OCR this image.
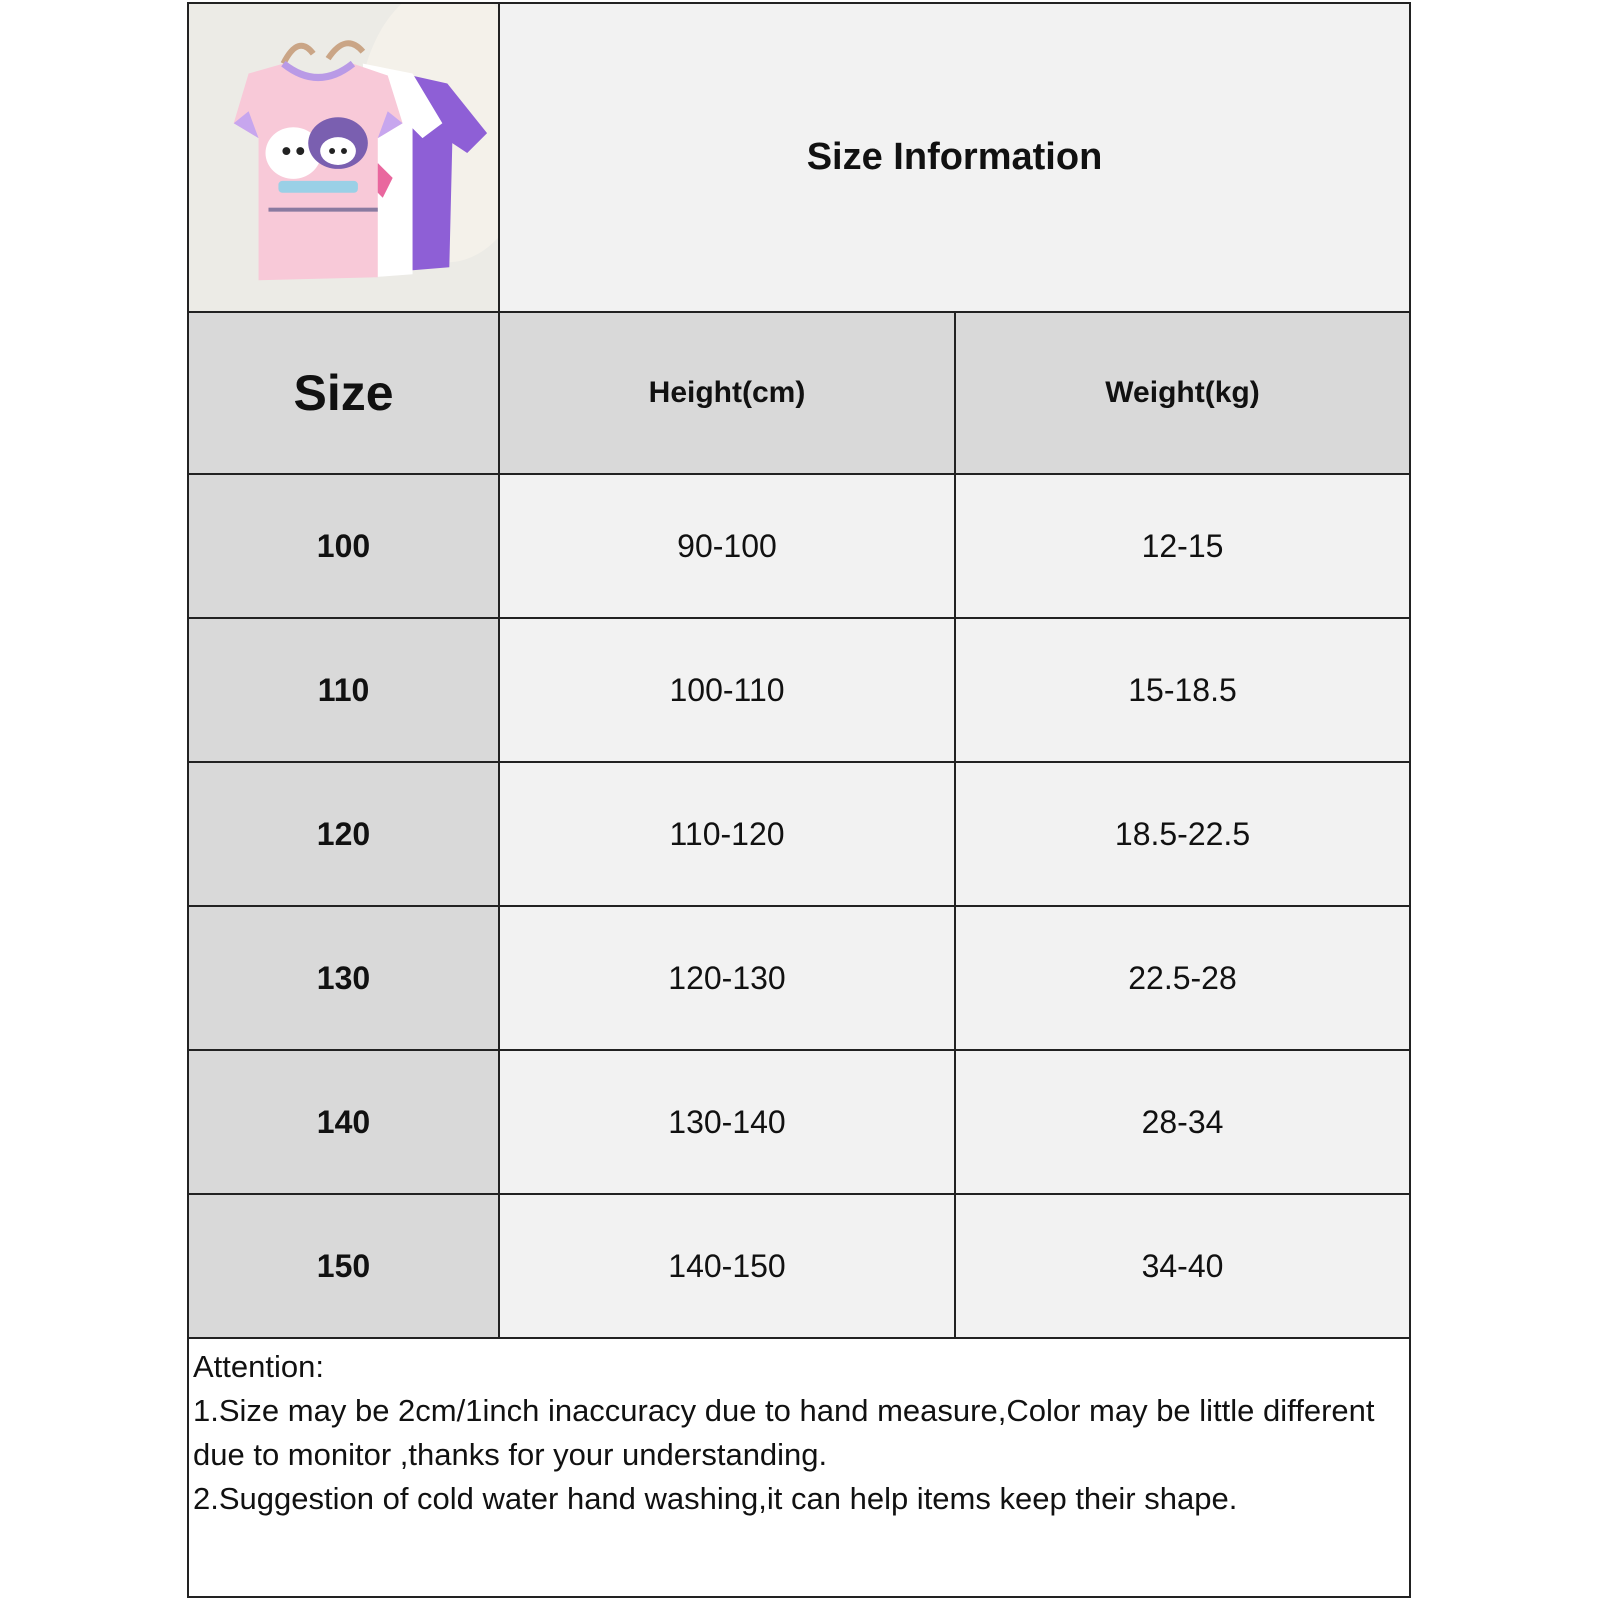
Size Information
Size	Height(cm)	Weight(kg)
100	90-100	12-15
110	100-110	15-18.5
120	110-120	18.5-22.5
130	120-130	22.5-28
140	130-140	28-34
150	140-150	34-40
Attention:
1.Size may be 2cm/1inch inaccuracy due to hand measure,Color may be little different due to monitor ,thanks for your understanding.
2.Suggestion of cold water hand washing,it can help items keep their shape.
